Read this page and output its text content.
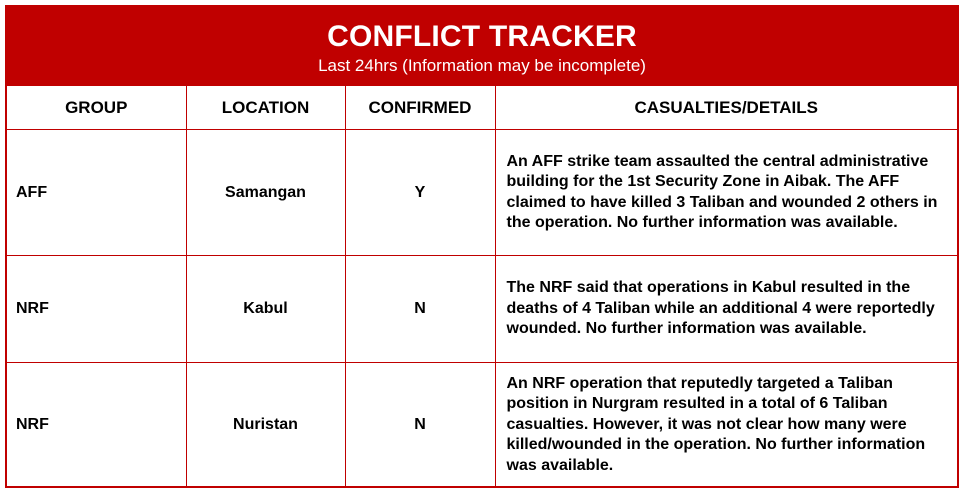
CONFLICT TRACKER
Last 24hrs (Information may be incomplete)
GROUP	LOCATION	CONFIRMED	CASUALTIES/DETAILS
AFF	Samangan	Y	An AFF strike team assaulted the central administrative building for the 1st Security Zone in Aibak. The AFF claimed to have killed 3 Taliban and wounded 2 others in the operation. No further information was available.
NRF	Kabul	N	The NRF said that operations in Kabul resulted in the deaths of 4 Taliban while an additional 4 were reportedly wounded. No further information was available.
NRF	Nuristan	N	An NRF operation that reputedly targeted a Taliban position in Nurgram resulted in a total of 6 Taliban casualties. However, it was not clear how many were killed/wounded in the operation. No further information was available.
